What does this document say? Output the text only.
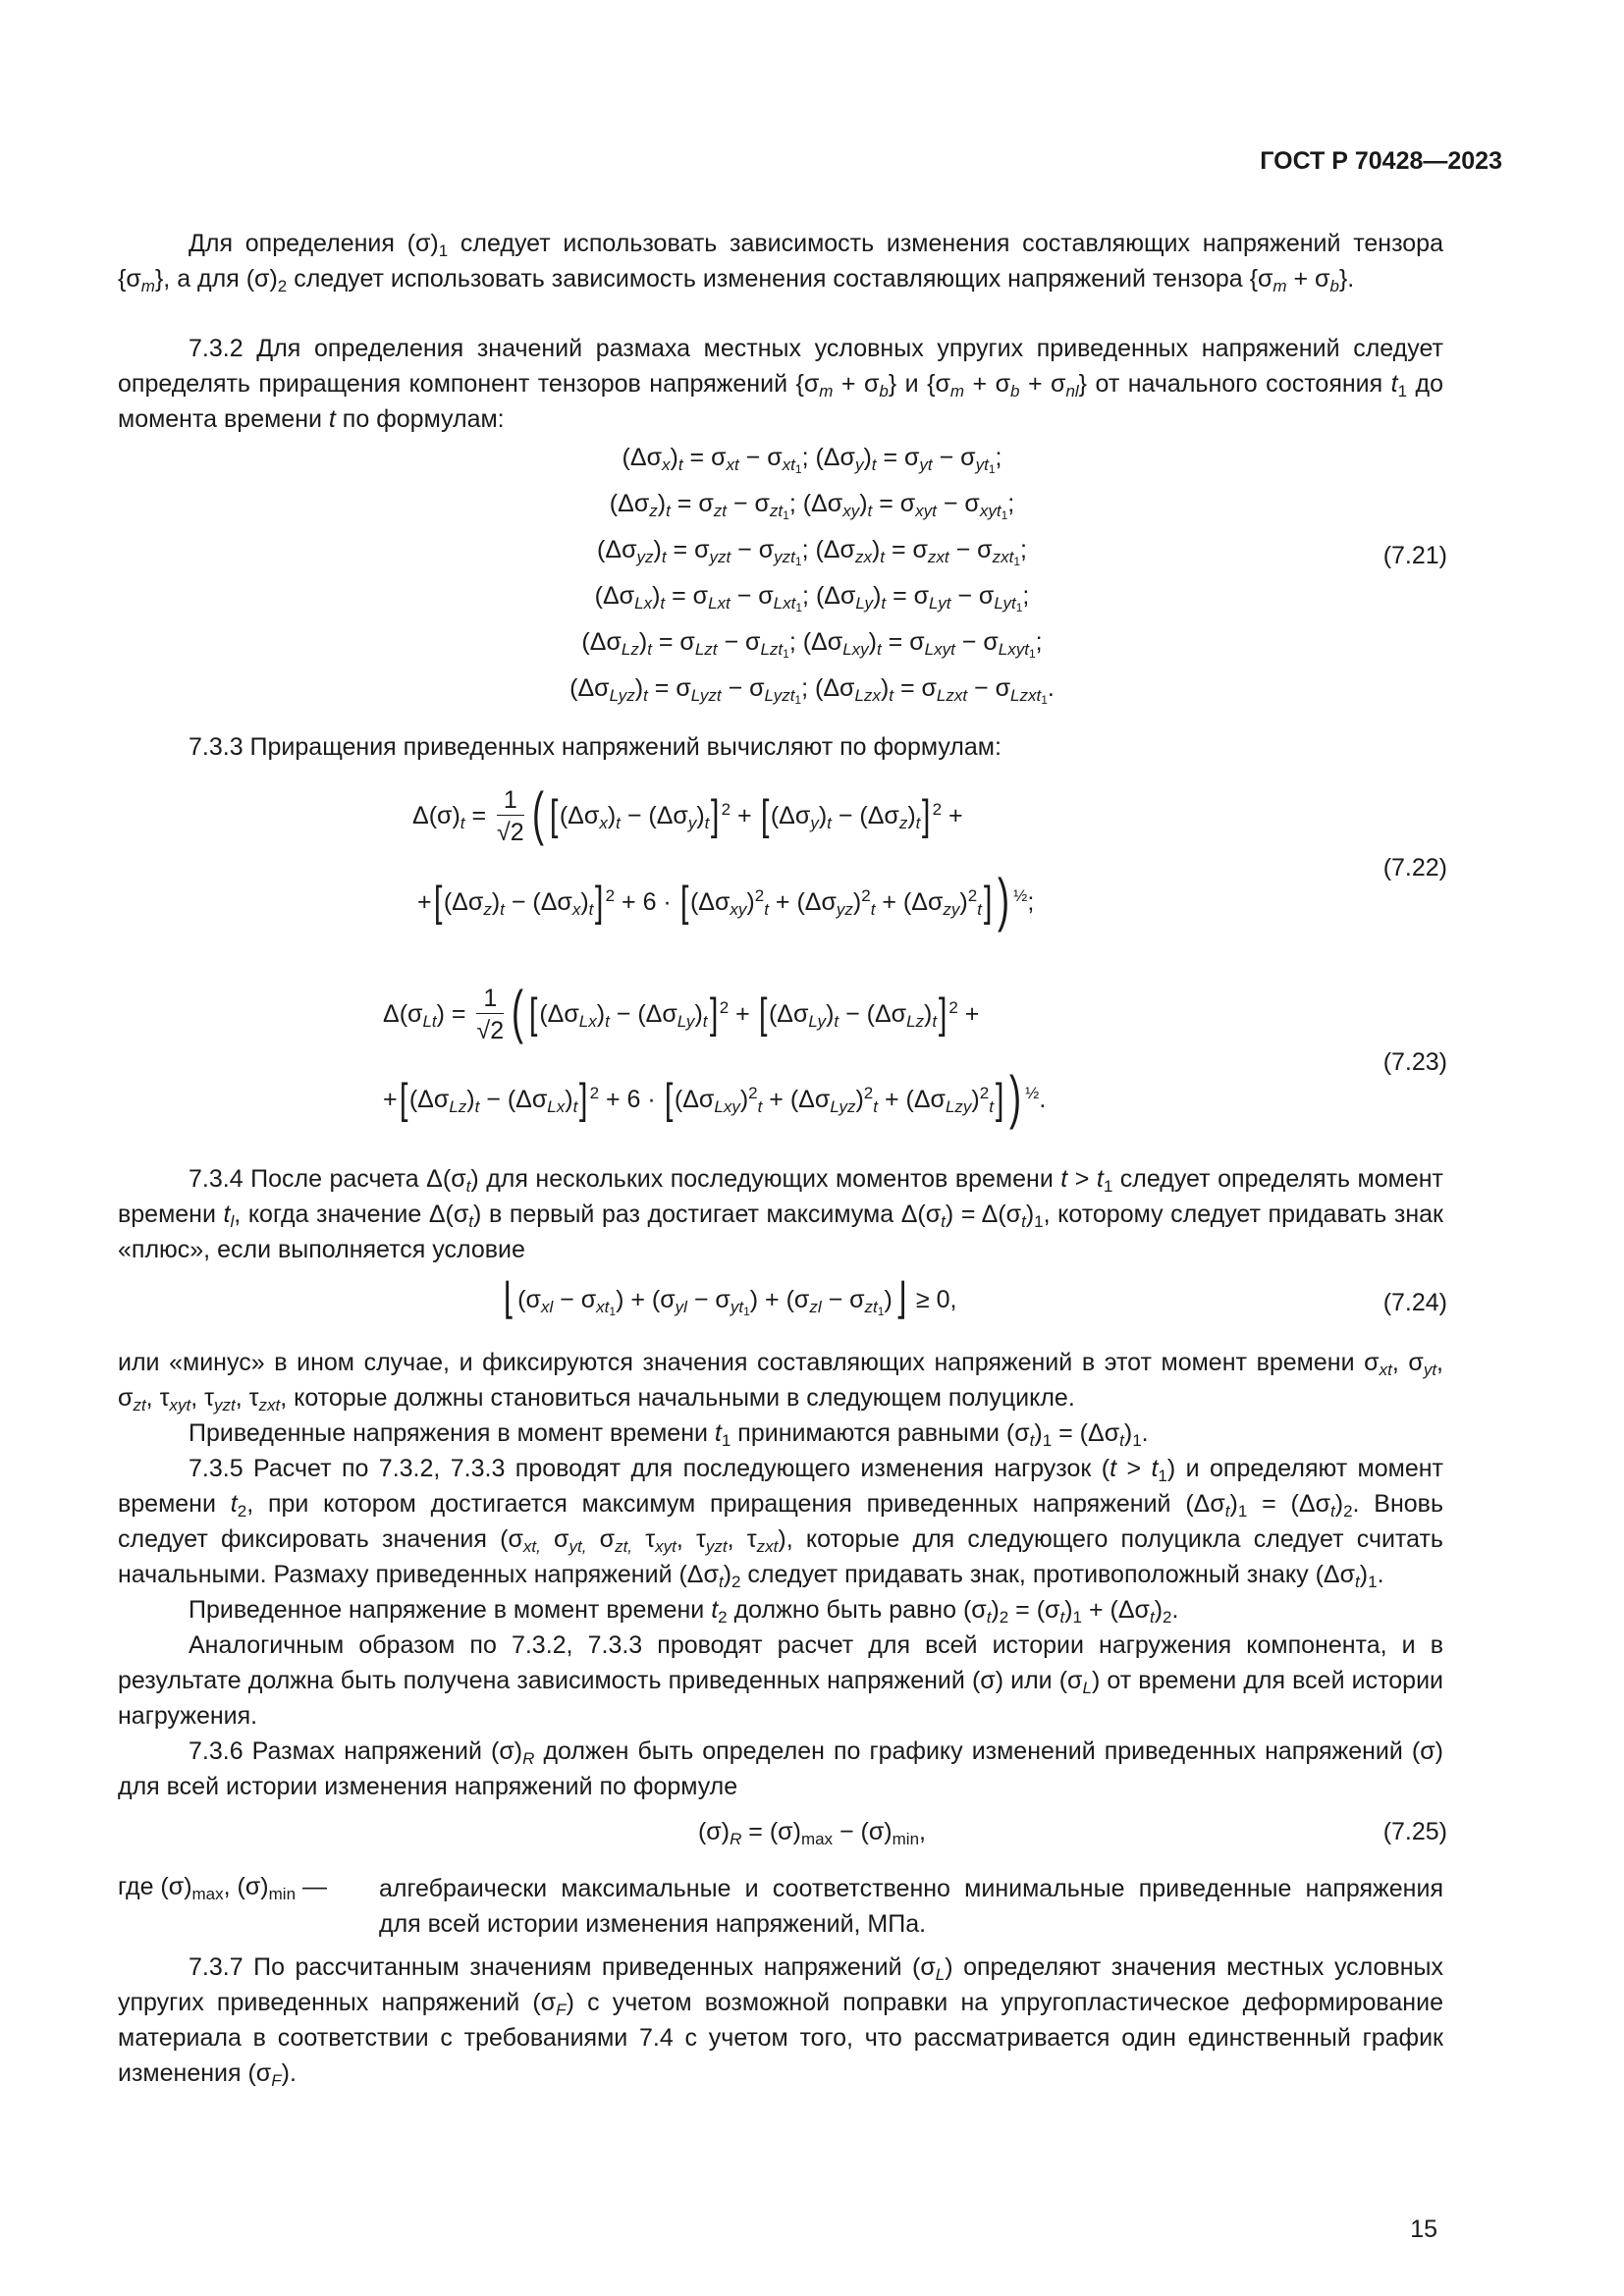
ГОСТ Р 70428—2023

Для определения $(\sigma)_1$ следует использовать зависимость изменения составляющих напряжений тензора $\{\sigma_m\}$, а для $(\sigma)_2$ следует использовать зависимость изменения составляющих напряжений тензора $\{\sigma_m + \sigma_b\}$.

7.3.2 Для определения значений размаха местных условных упругих приведенных напряжений следует определять приращения компонент тензоров напряжений $\{\sigma_m + \sigma_b\}$ и $\{\sigma_m + \sigma_b + \sigma_{nl}\}$ от начального состояния $t_1$ до момента времени t по формулам:

$(\Delta\sigma_x)_t = \sigma_{xt} - \sigma_{xt_1}$; $(\Delta\sigma_y)_t = \sigma_{yt} - \sigma_{yt_1}$;
$(\Delta\sigma_z)_t = \sigma_{zt} - \sigma_{zt_1}$; $(\Delta\sigma_{xy})_t = \sigma_{xyt} - \sigma_{xyt_1}$;
$(\Delta\sigma_{yz})_t = \sigma_{yzt} - \sigma_{yzt_1}$; $(\Delta\sigma_{zx})_t = \sigma_{zxt} - \sigma_{zxt_1}$;
$(\Delta\sigma_{Lx})_t = \sigma_{Lxt} - \sigma_{Lxt_1}$; $(\Delta\sigma_{Ly})_t = \sigma_{Lyt} - \sigma_{Lyt_1}$;
$(\Delta\sigma_{Lz})_t = \sigma_{Lzt} - \sigma_{Lzt_1}$; $(\Delta\sigma_{Lxy})_t = \sigma_{Lxyt} - \sigma_{Lxyt_1}$;
$(\Delta\sigma_{Lyz})_t = \sigma_{Lyzt} - \sigma_{Lyzt_1}$; $(\Delta\sigma_{Lzx})_t = \sigma_{Lzxt} - \sigma_{Lzxt_1}$.
(7.21)

7.3.3 Приращения приведенных напряжений вычисляют по формулам:

$\Delta(\sigma)_t = \frac{1}{√2}$ ( $[(\Delta\sigma_x)_t - (\Delta\sigma_y)_t] ^2 + [(\Delta\sigma_y)_t - (\Delta\sigma_z)_t] ^2$ +
$+[(\Delta\sigma_z)_t - (\Delta\sigma_x)_t] ^2 + 6 \cdot [(\Delta\sigma_{xy})^2_t + (\Delta\sigma_{yz})^2_t + (\Delta\sigma_{zy})^2_t]$) $^{\frac{1}{2}}$;
(7.22)
$\Delta(\sigma_{Lt}) = \frac{1}{√2}$ ( $[(\Delta\sigma_{Lx})_t - (\Delta\sigma_{Ly})_t] ^2 + [(\Delta\sigma_{Ly})_t - (\Delta\sigma_{Lz})_t] ^2$ +
$+[(\Delta\sigma_{Lz})_t - (\Delta\sigma_{Lx})_t] ^2 + 6 \cdot [(\Delta\sigma_{Lxy})^2_t + (\Delta\sigma_{Lyz})^2_t + (\Delta\sigma_{Lzy})^2_t]$) $^{\frac{1}{2}}$.
(7.23)

7.3.4 После расчета $\Delta(\sigma_t)$ для нескольких последующих моментов времени $t > t_1$ следует определять момент времени $t_l$, когда значение $\Delta(\sigma_t)$ в первый раз достигает максимума $\Delta(\sigma_t) = \Delta(\sigma_t)_1$, которому следует придавать знак «плюс», если выполняется условие

⌊ $(\sigma_{xl} - \sigma_{xt_1}) + (\sigma_{yl} - \sigma_{yt_1}) + (\sigma_{zl}$ − $\sigma_{zt_1})⌋ \ge 0$,	(7.24)

или «минус» в ином случае, и фиксируются значения составляющих напряжений в этот момент времени $\sigma_{xt}$, $\sigma_{yt}$, $\sigma_{zt}$, $\tau_{xyt}$, $\tau_{yzt}$, $\tau_{zxt}$, которые должны становиться начальными в следующем полуцикле.

Приведенные напряжения в момент времени $t_1$ принимаются равными $(\sigma_t)_1 = (\Delta\sigma_t)_1$.

7.3.5 Расчет по 7.3.2, 7.3.3 проводят для последующего изменения нагрузок $(t > t_1)$ и определяют момент времени $t_2$, при котором достигается максимум приращения приведенных напряжений $(\Delta\sigma_t)_1 = (\Delta\sigma_t)_2$. Вновь следует фиксировать значения ($\sigma_{xt,}$ $\sigma_{yt,}$ $\sigma_{zt,}$ $\tau_{xyt}$, $\tau_{yzt}$, $\tau_{zxt}$), которые для следующего полуцикла следует считать начальными. Размаху приведенных напряжений $(\Delta\sigma_t)_2$ следует придавать знак, противоположный знаку $(\Delta\sigma_t)_1$.

Приведенное напряжение в момент времени $t_2$ должно быть равно $(\sigma_t)_2 = (\sigma_t)_1 + (\Delta\sigma_t)_2$.

Аналогичным образом по 7.3.2, 7.3.3 проводят расчет для всей истории нагружения компонента, и в результате должна быть получена зависимость приведенных напряжений (σ) или $(\sigma_L)$ от времени для всей истории нагружения.

7.3.6 Размах напряжений $(\sigma)_R$ должен быть определен по графику изменений приведенных напряжений (σ) для всей истории изменения напряжений по формуле

$(\sigma)_R = (\sigma)_{max} - (\sigma)_{min}$,	(7.25)
где $(\sigma)_{max}$, $(\sigma)_{min}$ — алгебраически максимальные и соответственно минимальные приведенные напряжения для всей истории изменения напряжений, МПа.

7.3.7 По рассчитанным значениям приведенных напряжений $(\sigma_L)$ определяют значения местных условных упругих приведенных напряжений $(\sigma_F)$ с учетом возможной поправки на упругопластическое деформирование материала в соответствии с требованиями 7.4 с учетом того, что рассматривается один единственный график изменения $(\sigma_F)$.

15
